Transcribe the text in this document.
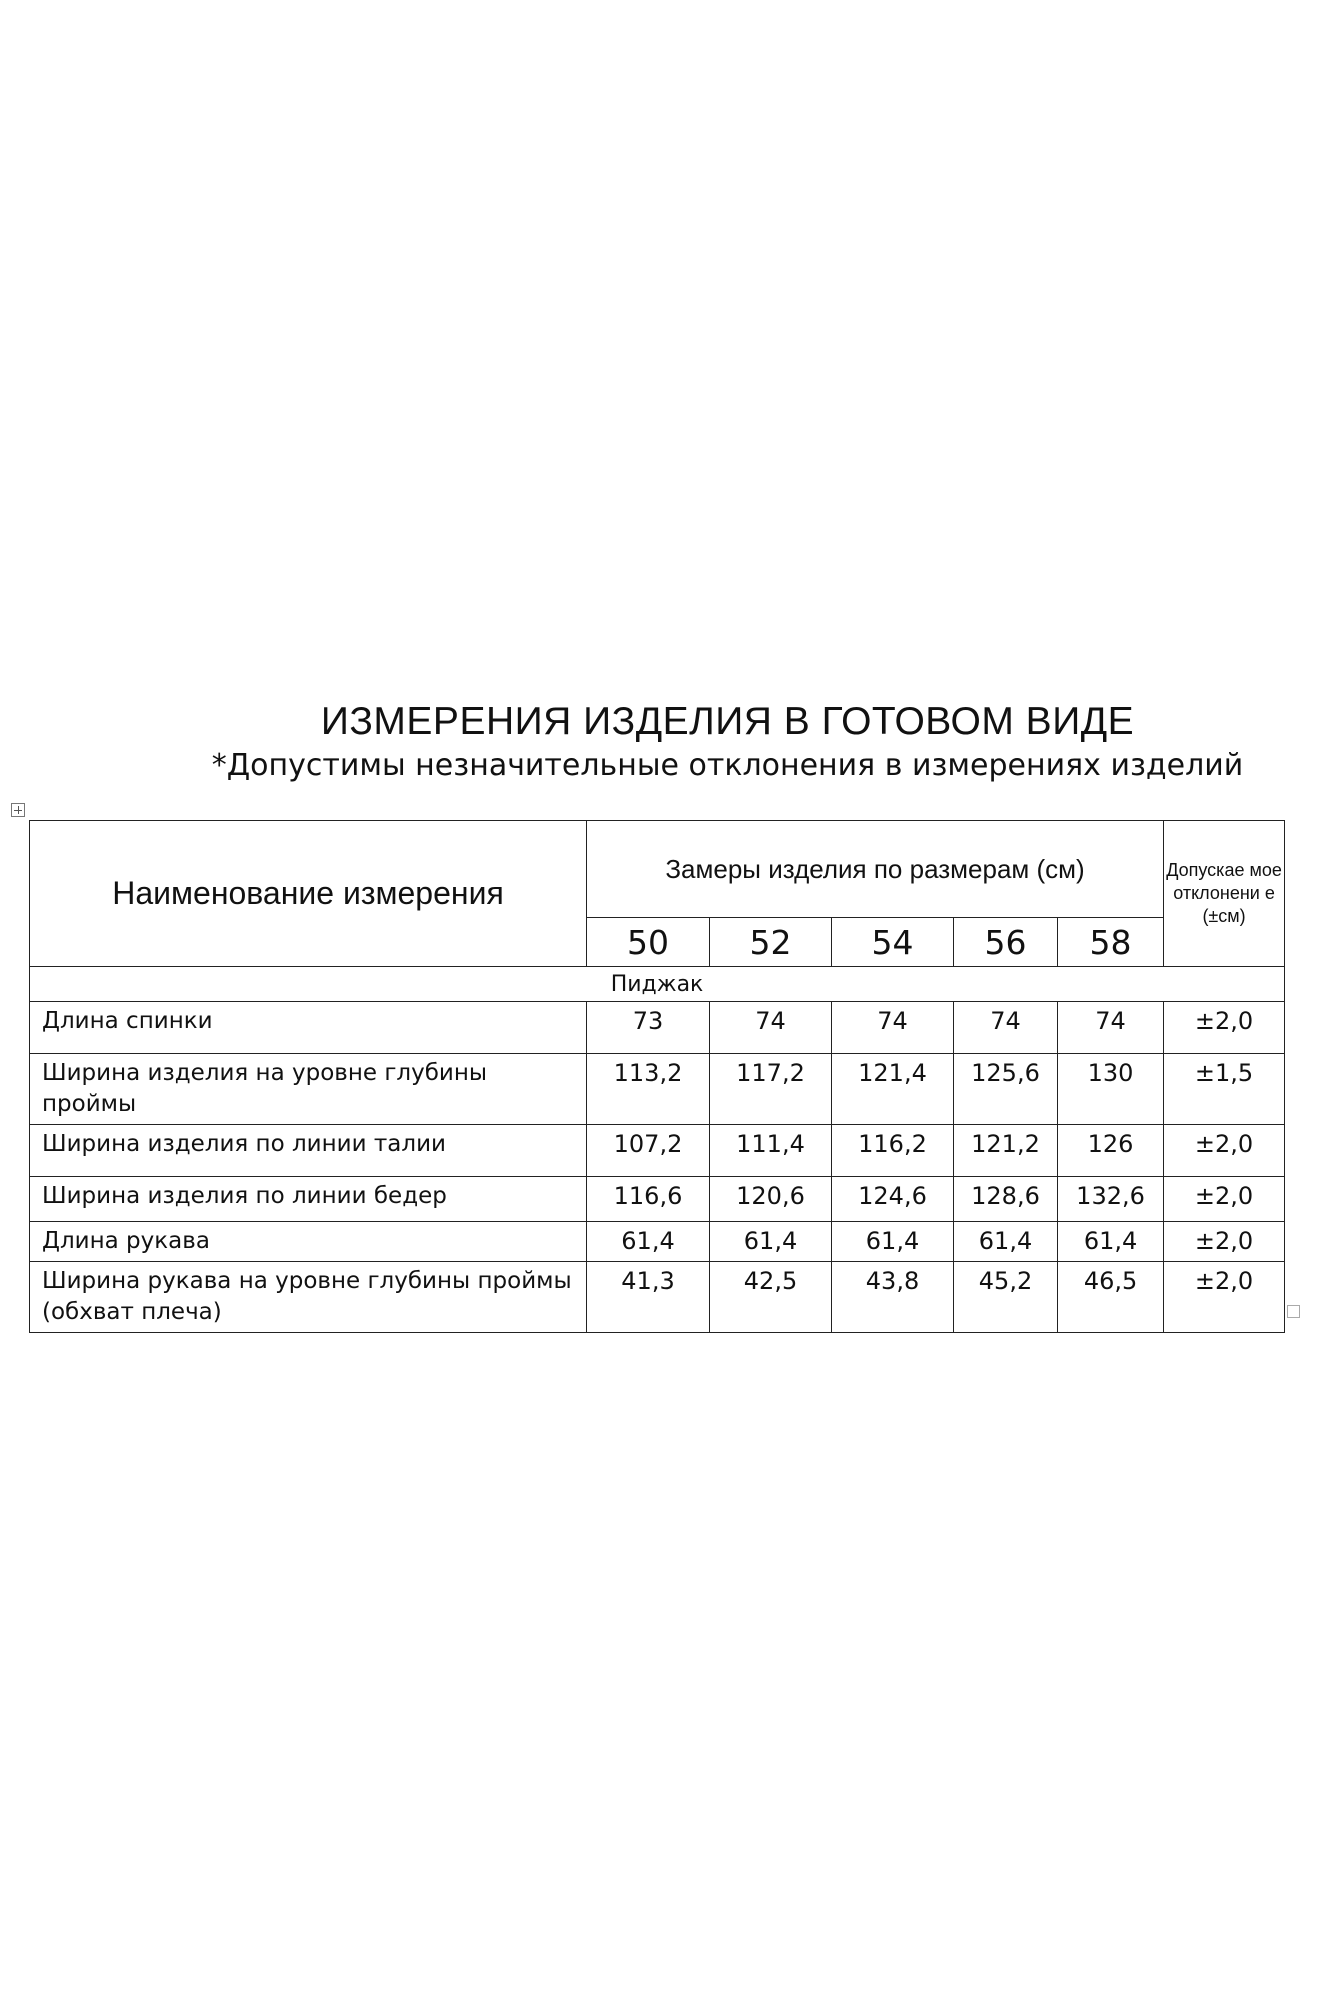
ИЗМЕРЕНИЯ ИЗДЕЛИЯ В ГОТОВОМ ВИДЕ
*Допустимы незначительные отклонения в измерениях изделий
Наименование измерения	Замеры изделия по размерам (см)					Допускае мое отклонени е (±см)
	50	52	54	56	58	
Пиджак						
Длина спинки	73	74	74	74	74	±2,0
Ширина изделия на уровне глубины проймы	113,2	117,2	121,4	125,6	130	±1,5
Ширина изделия по линии талии	107,2	111,4	116,2	121,2	126	±2,0
Ширина изделия по линии бедер	116,6	120,6	124,6	128,6	132,6	±2,0
Длина рукава	61,4	61,4	61,4	61,4	61,4	±2,0
Ширина рукава на уровне глубины проймы (обхват плеча)	41,3	42,5	43,8	45,2	46,5	±2,0
